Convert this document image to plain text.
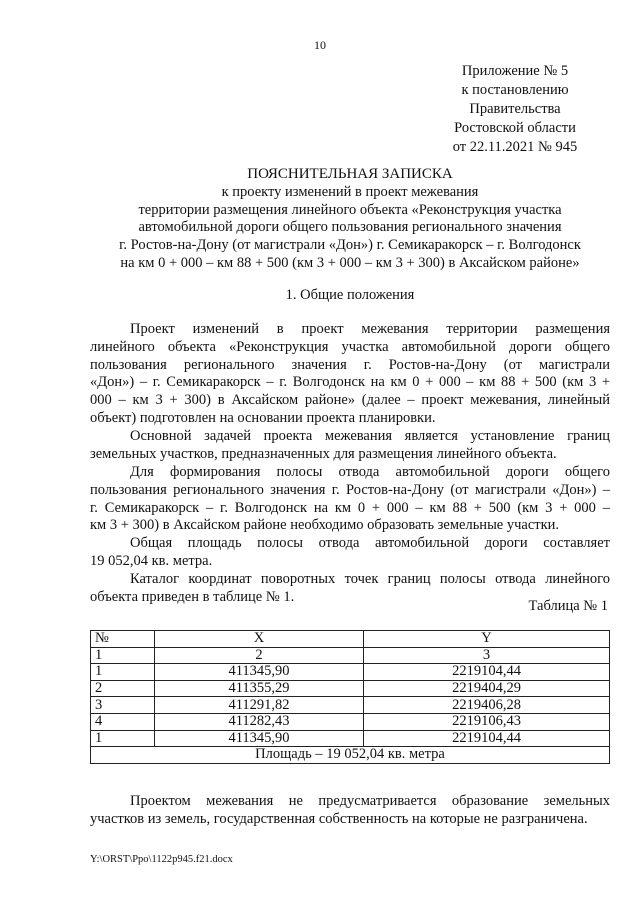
10
Приложение № 5
к постановлению
Правительства
Ростовской области
от 22.11.2021 № 945
ПОЯСНИТЕЛЬНАЯ ЗАПИСКА
к проекту изменений в проект межевания
территории размещения линейного объекта «Реконструкция участка
автомобильной дороги общего пользования регионального значения
г. Ростов-на-Дону (от магистрали «Дон») г. Семикаракорск – г. Волгодонск
на км 0 + 000 – км 88 + 500 (км 3 + 000 – км 3 + 300) в Аксайском районе»
1. Общие положения
Проект изменений в проект межевания территории размещения
линейного объекта «Реконструкция участка автомобильной дороги общего
пользования регионального значения г. Ростов-на-Дону (от магистрали
«Дон») – г. Семикаракорск – г. Волгодонск на км 0 + 000 – км 88 + 500 (км 3 +
000 – км 3 + 300) в Аксайском районе» (далее – проект межевания, линейный
объект) подготовлен на основании проекта планировки.
Основной задачей проекта межевания является установление границ
земельных участков, предназначенных для размещения линейного объекта.
Для формирования полосы отвода автомобильной дороги общего
пользования регионального значения г. Ростов-на-Дону (от магистрали «Дон») –
г. Семикаракорск – г. Волгодонск на км 0 + 000 – км 88 + 500 (км 3 + 000 –
км 3 + 300) в Аксайском районе необходимо образовать земельные участки.
Общая площадь полосы отвода автомобильной дороги составляет
19 052,04 кв. метра.
Каталог координат поворотных точек границ полосы отвода линейного
объекта приведен в таблице № 1.
Таблица № 1
№	X	Y
1	2	3
1	411345,90	2219104,44
2	411355,29	2219404,29
3	411291,82	2219406,28
4	411282,43	2219106,43
1	411345,90	2219104,44
Площадь – 19 052,04 кв. метра		
Проектом межевания не предусматривается образование земельных
участков из земель, государственная собственность на которые не разграничена.
Y:\ORST\Ppo\1122p945.f21.docx
